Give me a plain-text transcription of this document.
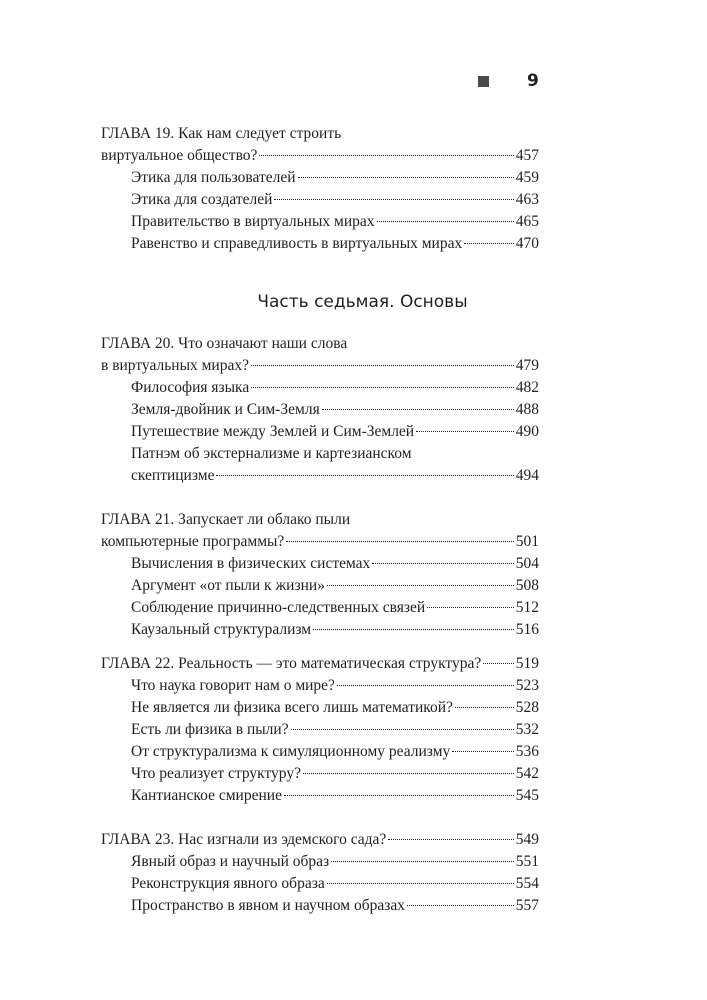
9
ГЛАВА 19. Как нам следует строить
виртуальное общество?	457
Этика для пользователей	459
Этика для создателей	463
Правительство в виртуальных мирах	465
Равенство и справедливость в виртуальных мирах	470
ГЛАВА 20. Что означают наши слова
в виртуальных мирах?	479
Философия языка	482
Земля-двойник и Сим-Земля	488
Путешествие между Землей и Сим-Землей	490
Патнэм об экстернализме и картезианском
скептицизме	494
ГЛАВА 21. Запускает ли облако пыли
компьютерные программы?	501
Вычисления в физических системах	504
Аргумент «от пыли к жизни»	508
Соблюдение причинно-следственных связей	512
Каузальный структурализм	516
ГЛАВА 22. Реальность — это математическая структура? 519
Что наука говорит нам о мире?	523
Не является ли физика всего лишь математикой?	528
Есть ли физика в пыли?	532
От структурализма к симуляционному реализму	536
Что реализует структуру?	542
Кантианское смирение	545
ГЛАВА 23. Нас изгнали из эдемского сада?	549
Явный образ и научный образ	551
Реконструкция явного образа	554
Пространство в явном и научном образах	557
Часть седьмая. Основы
